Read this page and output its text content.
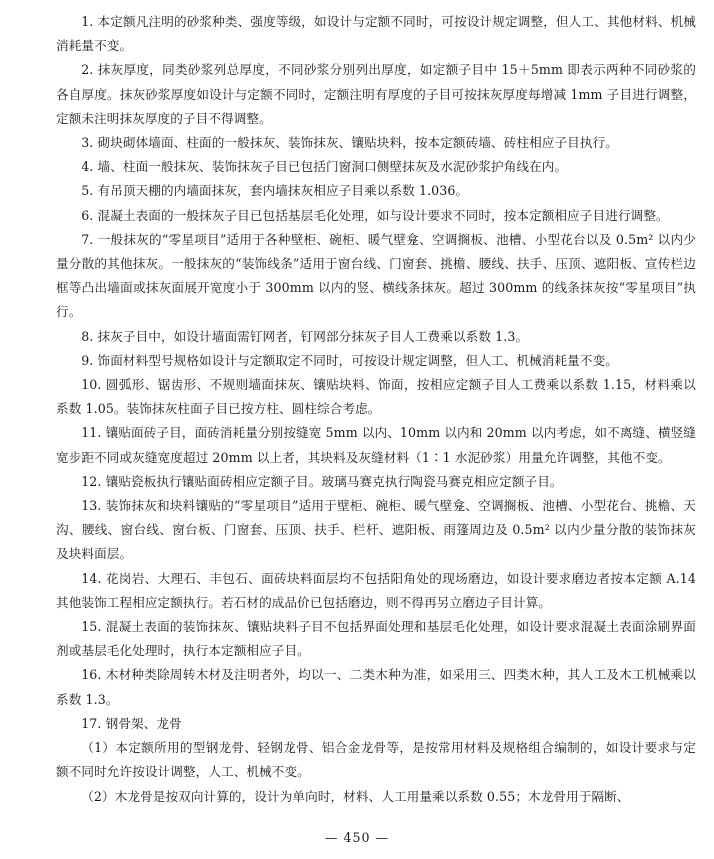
1. 本定额凡注明的砂浆种类、强度等级，如设计与定额不同时，可按设计规定调整，但人工、其他材料、机械消耗量不变。

2. 抹灰厚度，同类砂浆列总厚度，不同砂浆分别列出厚度，如定额子目中 15＋5mm 即表示两种不同砂浆的各自厚度。抹灰砂浆厚度如设计与定额不同时，定额注明有厚度的子目可按抹灰厚度每增减 1mm 子目进行调整，定额未注明抹灰厚度的子目不得调整。

3. 砌块砌体墙面、柱面的一般抹灰、装饰抹灰、镶贴块料，按本定额砖墙、砖柱相应子目执行。

4. 墙、柱面一般抹灰、装饰抹灰子目已包括门窗洞口侧壁抹灰及水泥砂浆护角线在内。

5. 有吊顶天棚的内墙面抹灰，套内墙抹灰相应子目乘以系数 1.036。

6. 混凝土表面的一般抹灰子目已包括基层毛化处理，如与设计要求不同时，按本定额相应子目进行调整。

7. 一般抹灰的“零星项目”适用于各种壁柜、碗柜、暖气壁龛、空调搁板、池槽、小型花台以及 0.5m² 以内少量分散的其他抹灰。一般抹灰的“装饰线条”适用于窗台线、门窗套、挑檐、腰线、扶手、压顶、遮阳板、宣传栏边框等凸出墙面或抹灰面展开宽度小于 300mm 以内的竖、横线条抹灰。超过 300mm 的线条抹灰按“零星项目”执行。

8. 抹灰子目中，如设计墙面需钉网者，钉网部分抹灰子目人工费乘以系数 1.3。

9. 饰面材料型号规格如设计与定额取定不同时，可按设计规定调整，但人工、机械消耗量不变。

10. 圆弧形、锯齿形、不规则墙面抹灰、镶贴块料、饰面，按相应定额子目人工费乘以系数 1.15，材料乘以系数 1.05。装饰抹灰柱面子目已按方柱、圆柱综合考虑。

11. 镶贴面砖子目，面砖消耗量分别按缝宽 5mm 以内、10mm 以内和 20mm 以内考虑，如不离缝、横竖缝宽步距不同或灰缝宽度超过 20mm 以上者，其块料及灰缝材料（1∶1 水泥砂浆）用量允许调整，其他不变。

12. 镶贴瓷板执行镶贴面砖相应定额子目。玻璃马赛克执行陶瓷马赛克相应定额子目。

13. 装饰抹灰和块料镶贴的“零星项目”适用于壁柜、碗柜、暖气壁龛、空调搁板、池槽、小型花台、挑檐、天沟、腰线、窗台线、窗台板、门窗套、压顶、扶手、栏杆、遮阳板、雨篷周边及 0.5m² 以内少量分散的装饰抹灰及块料面层。

14. 花岗岩、大理石、丰包石、面砖块料面层均不包括阳角处的现场磨边，如设计要求磨边者按本定额 A.14 其他装饰工程相应定额执行。若石材的成品价已包括磨边，则不得再另立磨边子目计算。

15. 混凝土表面的装饰抹灰、镶贴块料子目不包括界面处理和基层毛化处理，如设计要求混凝土表面涂刷界面剂或基层毛化处理时，执行本定额相应子目。

16. 木材种类除周转木材及注明者外，均以一、二类木种为准，如采用三、四类木种，其人工及木工机械乘以系数 1.3。

17. 钢骨架、龙骨

（1）本定额所用的型钢龙骨、轻钢龙骨、铝合金龙骨等，是按常用材料及规格组合编制的，如设计要求与定额不同时允许按设计调整，人工、机械不变。

（2）木龙骨是按双向计算的，设计为单向时，材料、人工用量乘以系数 0.55；木龙骨用于隔断、

— 450 —
